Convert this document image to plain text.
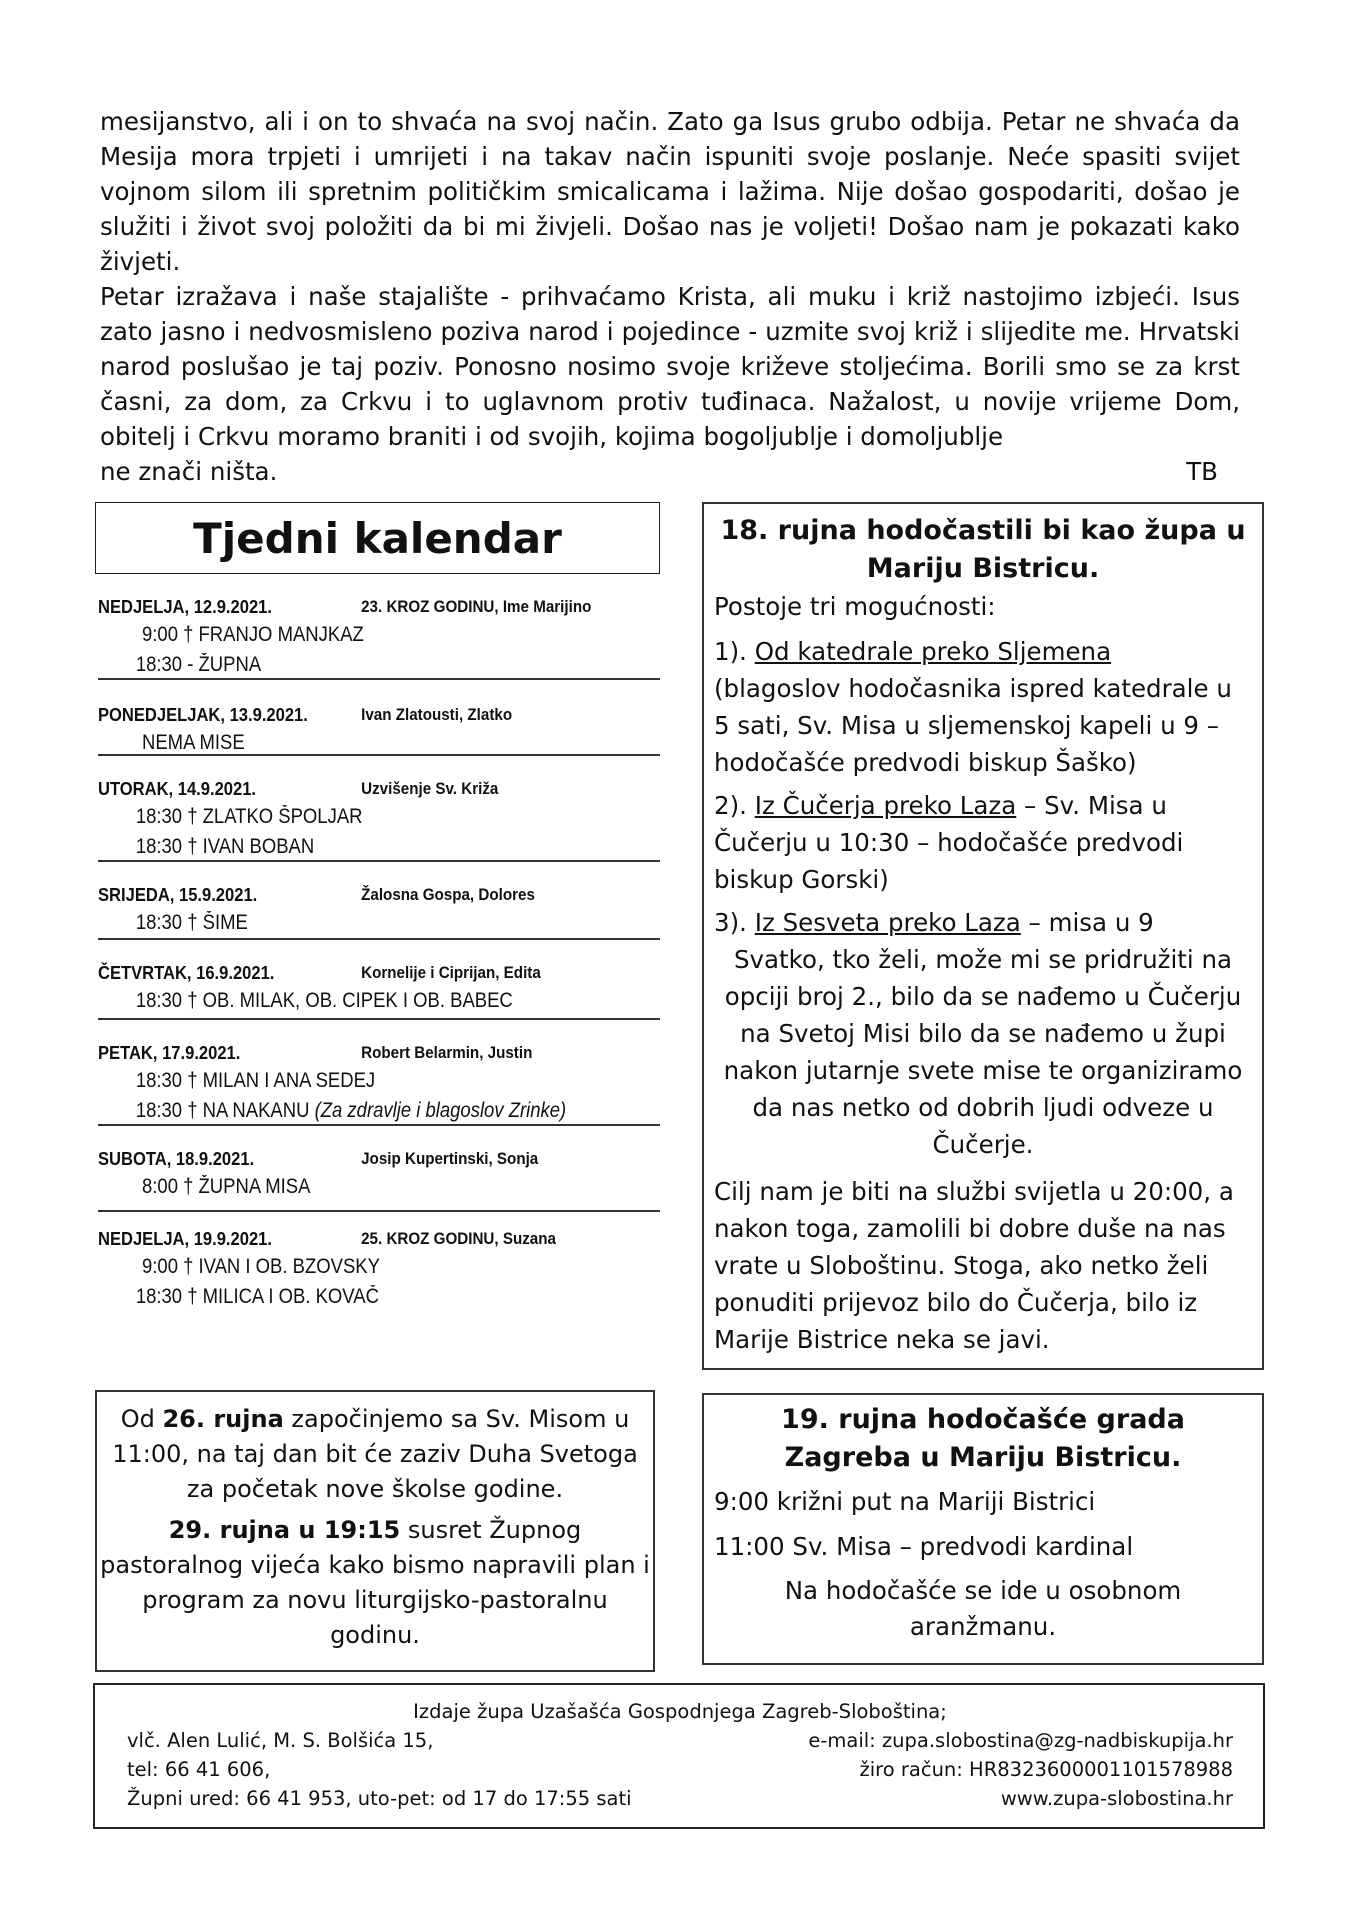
mesijanstvo, ali i on to shvaća na svoj način. Zato ga Isus grubo odbija. Petar ne shvaća da Mesija mora trpjeti i umrijeti i na takav način ispuniti svoje poslanje. Neće spasiti svijet vojnom silom ili spretnim političkim smicalicama i lažima. Nije došao gospodariti, došao je služiti i život svoj položiti da bi mi živjeli. Došao nas je voljeti! Došao nam je pokazati kako živjeti.

Petar izražava i naše stajalište - prihvaćamo Krista, ali muku i križ nastojimo izbjeći. Isus zato jasno i nedvosmisleno poziva narod i pojedince - uzmite svoj križ i slijedite me. Hrvatski narod poslušao je taj poziv. Ponosno nosimo svoje križeve stoljećima. Borili smo se za krst časni, za dom, za Crkvu i to uglavnom protiv tuđinaca. Nažalost, u novije vrijeme Dom, obitelj i Crkvu moramo braniti i od svojih, kojima bogoljublje i domoljublje

ne znači ništa.	TB

Tjedni kalendar
NEDJELJA, 12.9.2021.	23. KROZ GODINU, Ime Marijino
9:00 † FRANJO MANJKAZ
18:30 - ŽUPNA
PONEDJELJAK, 13.9.2021.	Ivan Zlatousti, Zlatko
NEMA MISE
UTORAK, 14.9.2021.	Uzvišenje Sv. Križa
18:30 † ZLATKO ŠPOLJAR
18:30 † IVAN BOBAN
SRIJEDA, 15.9.2021.	Žalosna Gospa, Dolores
18:30 † ŠIME
ČETVRTAK, 16.9.2021.	Kornelije i Ciprijan, Edita
18:30 † OB. MILAK, OB. CIPEK I OB. BABEC
PETAK, 17.9.2021.	Robert Belarmin, Justin
18:30 † MILAN I ANA SEDEJ
18:30 † NA NAKANU (Za zdravlje i blagoslov Zrinke)
SUBOTA, 18.9.2021.	Josip Kupertinski, Sonja
8:00 † ŽUPNA MISA
NEDJELJA, 19.9.2021.	25. KROZ GODINU, Suzana
9:00 † IVAN I OB. BZOVSKY
18:30 † MILICA I OB. KOVAČ

Od 26. rujna započinjemo sa Sv. Misom u 11:00, na taj dan bit će zaziv Duha Svetoga za početak nove školse godine.

29. rujna u 19:15 susret Župnog pastoralnog vijeća kako bismo napravili plan i program za novu liturgijsko-pastoralnu godinu.

18. rujna hodočastili bi kao župa u Mariju Bistricu.

Postoje tri mogućnosti:

1). Od katedrale preko Sljemena
(blagoslov hodočasnika ispred katedrale u 5 sati, Sv. Misa u sljemenskoj kapeli u 9 – hodočašće predvodi biskup Šaško)

2). Iz Čučerja preko Laza – Sv. Misa u Čučerju u 10:30 – hodočašće predvodi biskup Gorski)

3). Iz Sesveta preko Laza – misa u 9

Svatko, tko želi, može mi se pridružiti na opciji broj 2., bilo da se nađemo u Čučerju na Svetoj Misi bilo da se nađemo u župi nakon jutarnje svete mise te organiziramo da nas netko od dobrih ljudi odveze u Čučerje.

Cilj nam je biti na službi svijetla u 20:00, a nakon toga, zamolili bi dobre duše na nas vrate u Sloboštinu. Stoga, ako netko želi ponuditi prijevoz bilo do Čučerja, bilo iz Marije Bistrice neka se javi.

19. rujna hodočašće grada Zagreba u Mariju Bistricu.

9:00 križni put na Mariji Bistrici

11:00 Sv. Misa – predvodi kardinal

Na hodočašće se ide u osobnom aranžmanu.

Izdaje župa Uzašašća Gospodnjega Zagreb-Sloboština;
vlč. Alen Lulić, M. S. Bolšića 15,	e-mail: zupa.slobostina@zg-nadbiskupija.hr
tel: 66 41 606,	žiro račun: HR8323600001101578988
Župni ured: 66 41 953, uto-pet: od 17 do 17:55 sati	www.zupa-slobostina.hr
